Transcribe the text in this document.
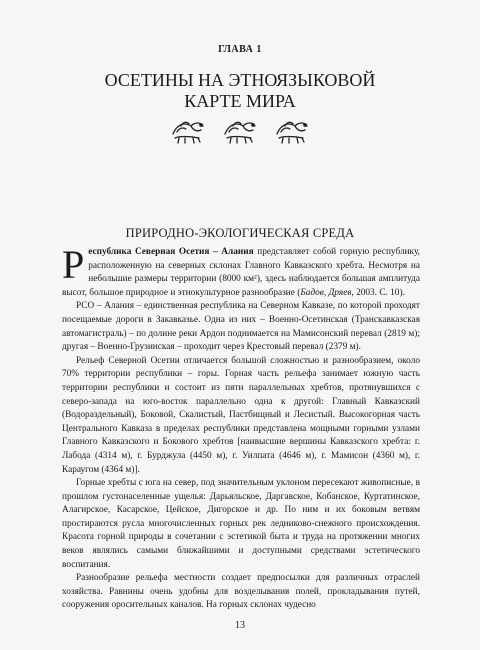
ГЛАВА 1
ОСЕТИНЫ НА ЭТНОЯЗЫКОВОЙ
КАРТЕ МИРА
ПРИРОДНО-ЭКОЛОГИЧЕСКАЯ СРЕДА

Республика Северная Осетия – Алания представляет собой горную республику, расположенную на северных склонах Главного Кавказского хребта. Несмотря на небольшие размеры территории (8000 км²), здесь наблюдается большая амплитуда высот, большое природное и этнокультурное разнообразие (Бадов, Дряев, 2003. С. 10).

РСО – Алания – единственная республика на Северном Кавказе, по которой проходят посещаемые дороги в Закавказье. Одна из них – Военно-Осетинская (Транскавказская автомагистраль) – по долине реки Ардон поднимается на Мамисонский перевал (2819 м); другая – Военно-Грузинская – проходит через Крестовый перевал (2379 м).

Рельеф Северной Осетии отличается большой сложностью и разнообразием, около 70% территории республики – горы. Горная часть рельефа занимает южную часть территории республики и состоит из пяти параллельных хребтов, протянувшихся с северо-запада на юго-восток параллельно одна к другой: Главный Кавказский (Водораздельный), Боковой, Скалистый, Пастбищный и Лесистый. Высокогорная часть Центрального Кавказа в пределах республики представлена мощными горными узлами Главного Кавказского и Бокового хребтов [наивысшие вершины Кавказского хребта: г. Лабода (4314 м), г. Бурджула (4450 м), г. Уилпата (4646 м), г. Мамисон (4360 м), г. Караугом (4364 м)].

Горные хребты с юга на север, под значительным уклоном пересекают живописные, в прошлом густонаселенные ущелья: Дарьяльское, Даргавское, Кобанское, Куртатинское, Алагирское, Касарское, Цейское, Дигорское и др. По ним и их боковым ветвям простираются русла многочисленных горных рек ледниково-снежного происхождения. Красота горной природы в сочетании с эстетикой быта и труда на протяжении многих веков являлись самыми ближайшими и доступными средствами эстетического воспитания.

Разнообразие рельефа местности создает предпосылки для различных отраслей хозяйства. Равнины очень удобны для возделывания полей, прокладывания путей, сооружения оросительных каналов. На горных склонах чудесно

13
